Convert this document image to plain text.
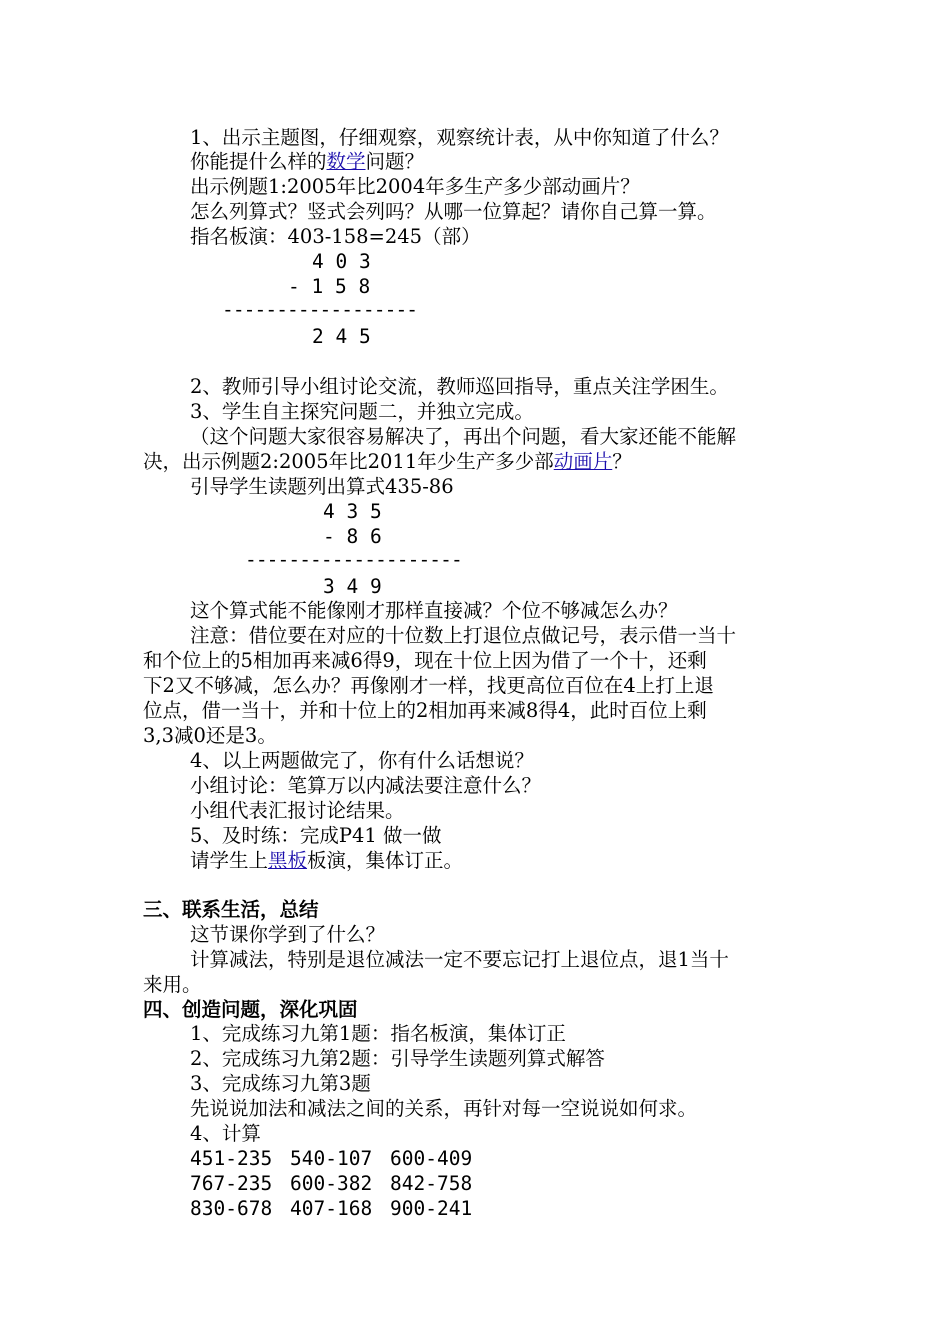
1、出示主题图，仔细观察，观察统计表，从中你知道了什么？
你能提什么样的数学问题？
出示例题1:2005年比2004年多生产多少部动画片？
怎么列算式？竖式会列吗？从哪一位算起？请你自己算一算。
指名板演：403-158=245（部）
4 0 3
- 1 5 8
------------------
2 4 5
2、教师引导小组讨论交流，教师巡回指导，重点关注学困生。
3、学生自主探究问题二，并独立完成。
（这个问题大家很容易解决了，再出个问题，看大家还能不能解
决，出示例题2:2005年比2011年少生产多少部动画片？
引导学生读题列出算式435-86
4 3 5
- 8 6
--------------------
3 4 9
这个算式能不能像刚才那样直接减？个位不够减怎么办？
注意：借位要在对应的十位数上打退位点做记号，表示借一当十
和个位上的5相加再来减6得9，现在十位上因为借了一个十，还剩
下2又不够减，怎么办？再像刚才一样，找更高位百位在4上打上退
位点，借一当十，并和十位上的2相加再来减8得4，此时百位上剩
3,3减0还是3。
4、以上两题做完了，你有什么话想说？
小组讨论：笔算万以内减法要注意什么？
小组代表汇报讨论结果。
5、及时练：完成P41 做一做
请学生上黑板板演，集体订正。
三、联系生活，总结
这节课你学到了什么？
计算减法，特别是退位减法一定不要忘记打上退位点，退1当十
来用。
四、创造问题，深化巩固
1、完成练习九第1题：指名板演，集体订正
2、完成练习九第2题：引导学生读题列算式解答
3、完成练习九第3题
先说说加法和减法之间的关系，再针对每一空说说如何求。
4、计算
451-235 540-107 600-409
767-235 600-382 842-758
830-678 407-168 900-241
